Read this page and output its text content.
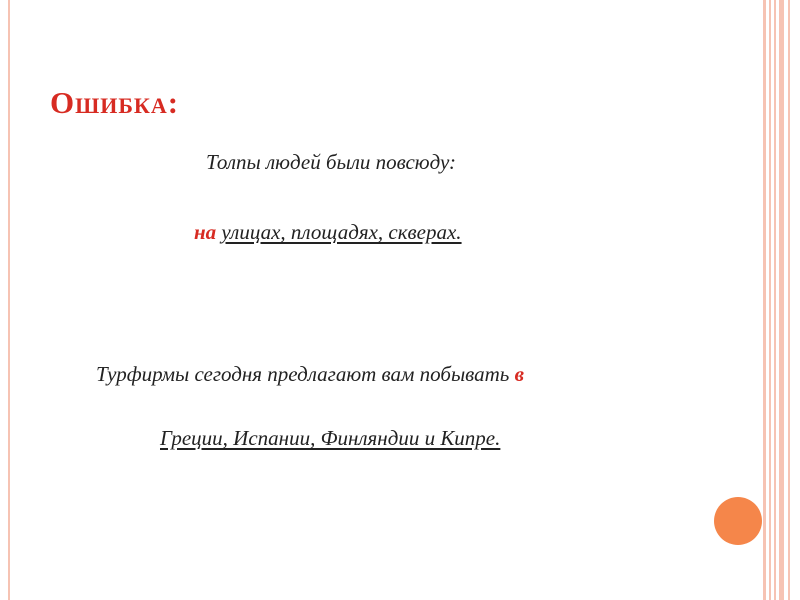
Ошибка:
Толпы людей были повсюду:
на улицах, площадях, скверах.
Турфирмы сегодня предлагают вам побывать в
Греции, Испании, Финляндии и Кипре.
